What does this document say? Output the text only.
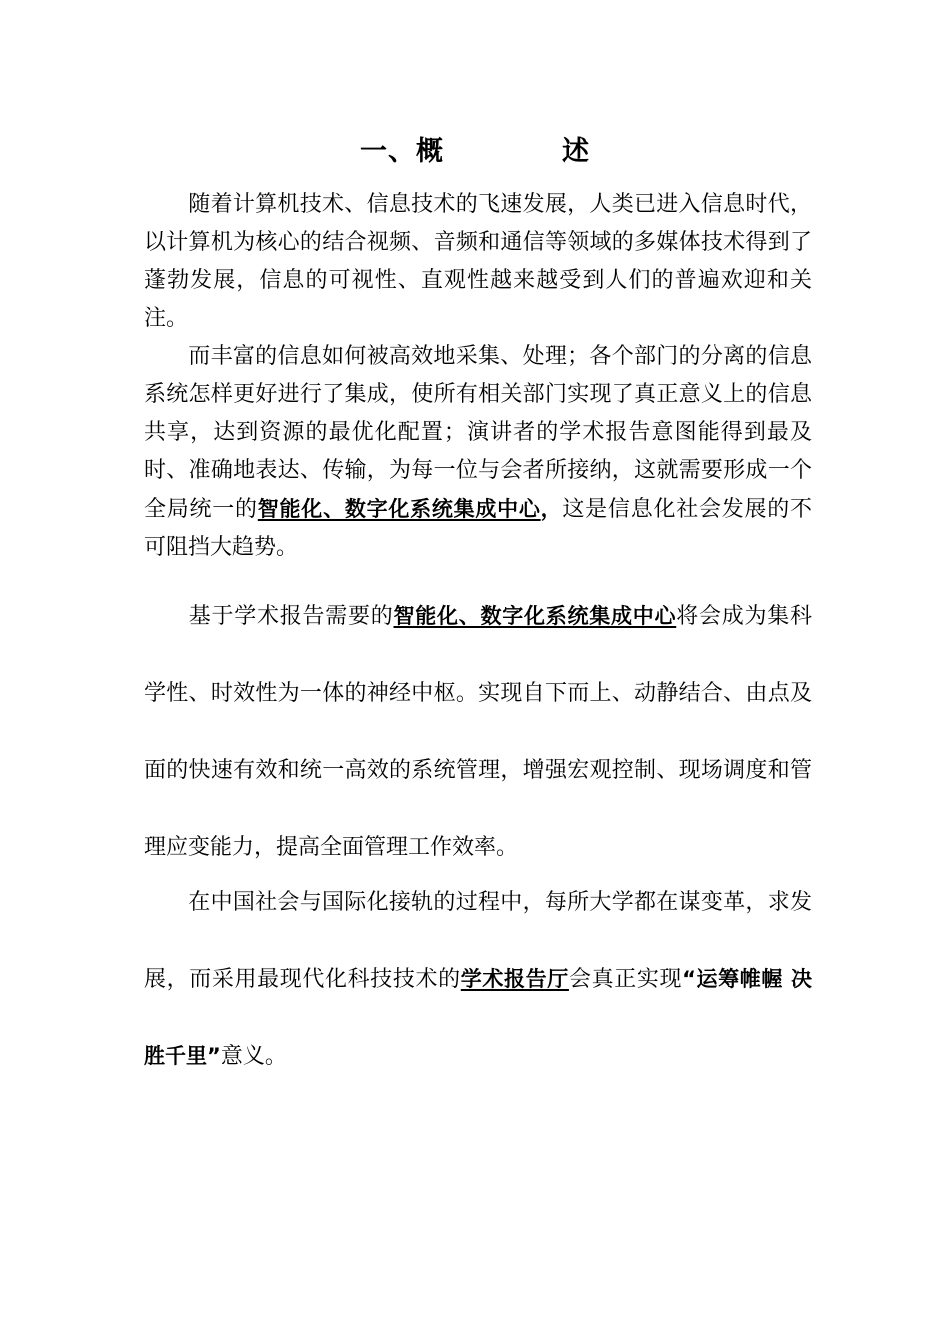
一、概	述

随着计算机技术、信息技术的飞速发展，人类已进入信息时代，以计算机为核心的结合视频、音频和通信等领域的多媒体技术得到了蓬勃发展，信息的可视性、直观性越来越受到人们的普遍欢迎和关注。

而丰富的信息如何被高效地采集、处理；各个部门的分离的信息系统怎样更好进行了集成，使所有相关部门实现了真正意义上的信息共享，达到资源的最优化配置；演讲者的学术报告意图能得到最及时、准确地表达、传输，为每一位与会者所接纳，这就需要形成一个全局统一的智能化、数字化系统集成中心，这是信息化社会发展的不可阻挡大趋势。

基于学术报告需要的智能化、数字化系统集成中心将会成为集科学性、时效性为一体的神经中枢。实现自下而上、动静结合、由点及面的快速有效和统一高效的系统管理，增强宏观控制、现场调度和管理应变能力，提高全面管理工作效率。

在中国社会与国际化接轨的过程中，每所大学都在谋变革，求发展，而采用最现代化科技技术的学术报告厅会真正实现“运筹帷幄 决胜千里”意义。
